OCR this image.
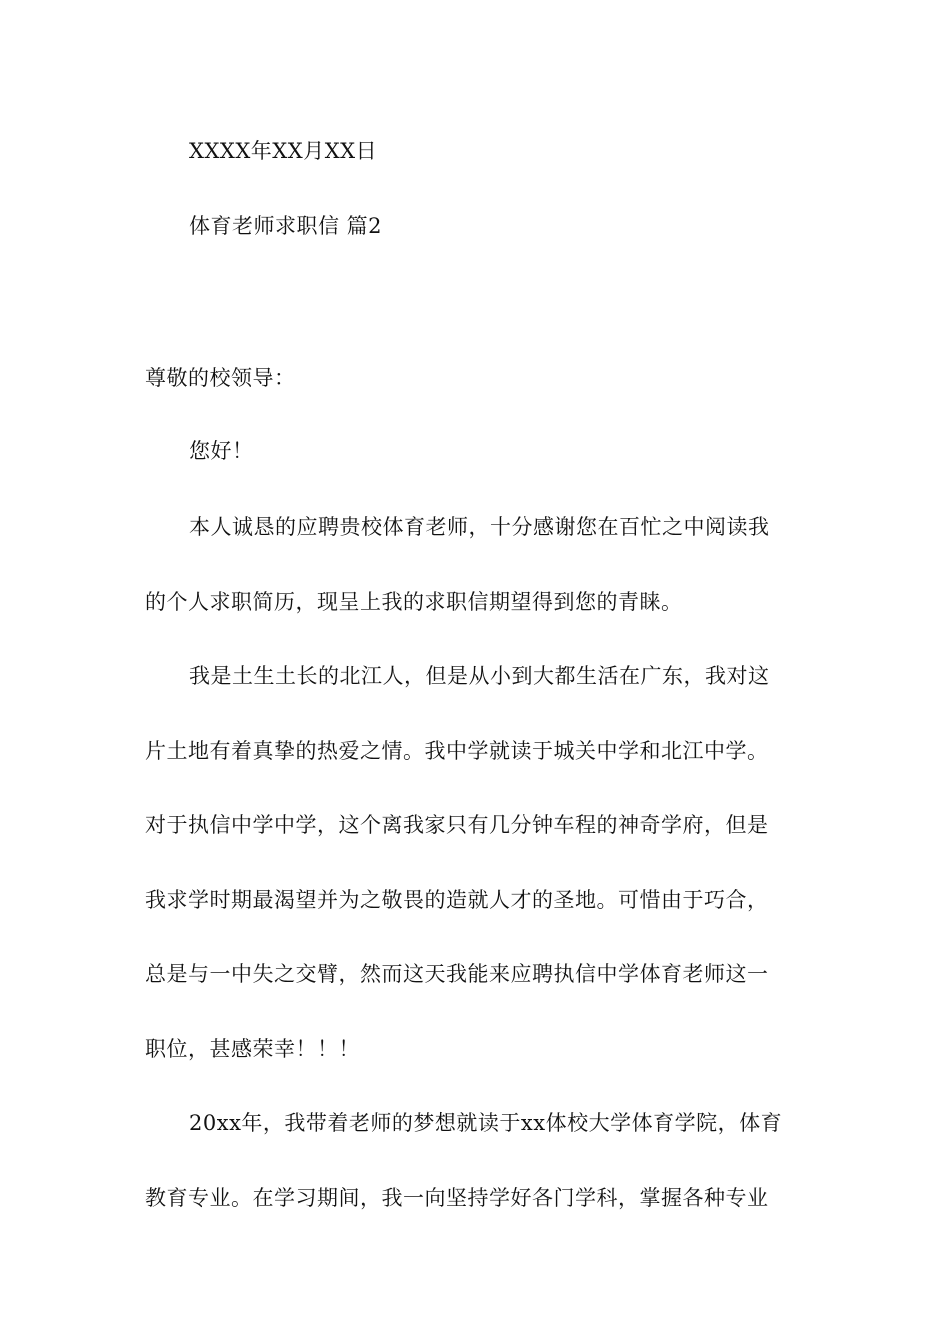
XXXX年XX月XX日
体育老师求职信 篇2
尊敬的校领导：
您好！
本人诚恳的应聘贵校体育老师，十分感谢您在百忙之中阅读我
的个人求职简历，现呈上我的求职信期望得到您的青睐。
我是土生土长的北江人，但是从小到大都生活在广东，我对这
片土地有着真挚的热爱之情。我中学就读于城关中学和北江中学。
对于执信中学中学，这个离我家只有几分钟车程的神奇学府，但是
我求学时期最渴望并为之敬畏的造就人才的圣地。可惜由于巧合，
总是与一中失之交臂，然而这天我能来应聘执信中学体育老师这一
职位，甚感荣幸！！！
20xx年，我带着老师的梦想就读于xx体校大学体育学院，体育
教育专业。在学习期间，我一向坚持学好各门学科，掌握各种专业
